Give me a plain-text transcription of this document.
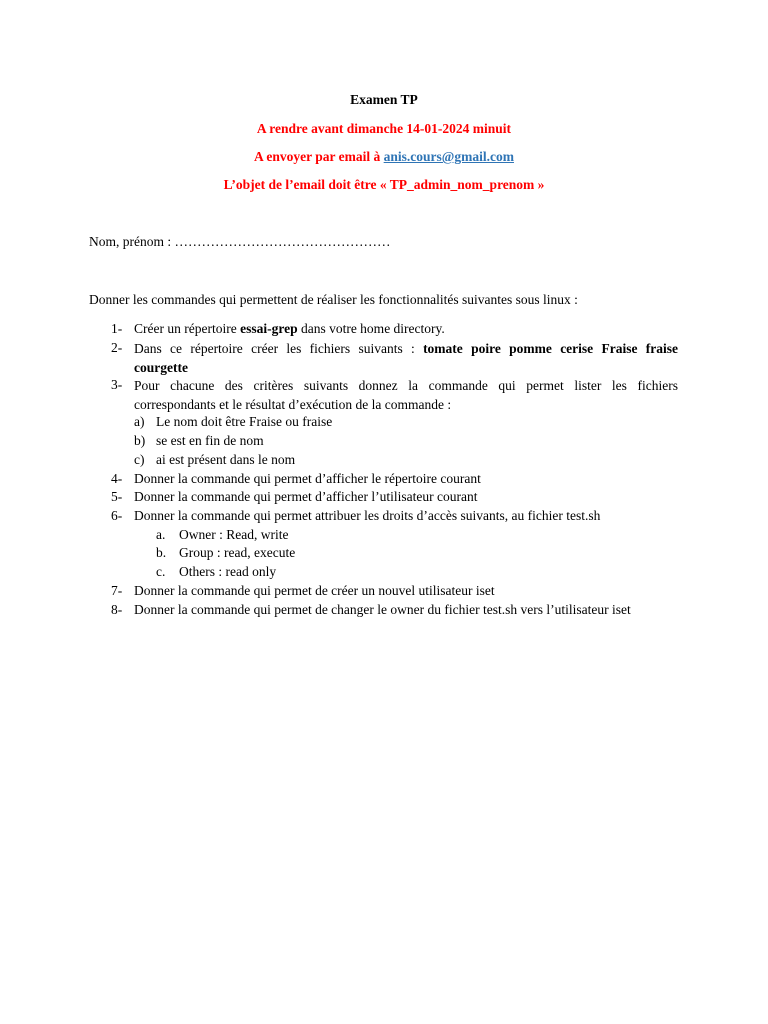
Examen TP
A rendre avant dimanche 14-01-2024 minuit
A envoyer par email à anis.cours@gmail.com
L’objet de l’email doit être « TP_admin_nom_prenom »
Nom, prénom : …………………………………………
Donner les commandes qui permettent de réaliser les fonctionnalités suivantes sous linux :
1- Créer un répertoire essai-grep dans votre home directory.
2- Dans ce répertoire créer les fichiers suivants : tomate poire pomme cerise Fraise fraise
courgette
3- Pour chacune des critères suivants donnez la commande qui permet lister les fichiers
correspondants et le résultat d’exécution de la commande :
a) Le nom doit être Fraise ou fraise
b) se est en fin de nom
c) ai est présent dans le nom
4- Donner la commande qui permet d’afficher le répertoire courant
5- Donner la commande qui permet d’afficher l’utilisateur courant
6- Donner la commande qui permet attribuer les droits d’accès suivants, au fichier test.sh
a.	Owner : Read, write
b. Group : read, execute
c.	Others : read only
7- Donner la commande qui permet de créer un nouvel utilisateur iset
8- Donner la commande qui permet de changer le owner du fichier test.sh vers l’utilisateur iset
